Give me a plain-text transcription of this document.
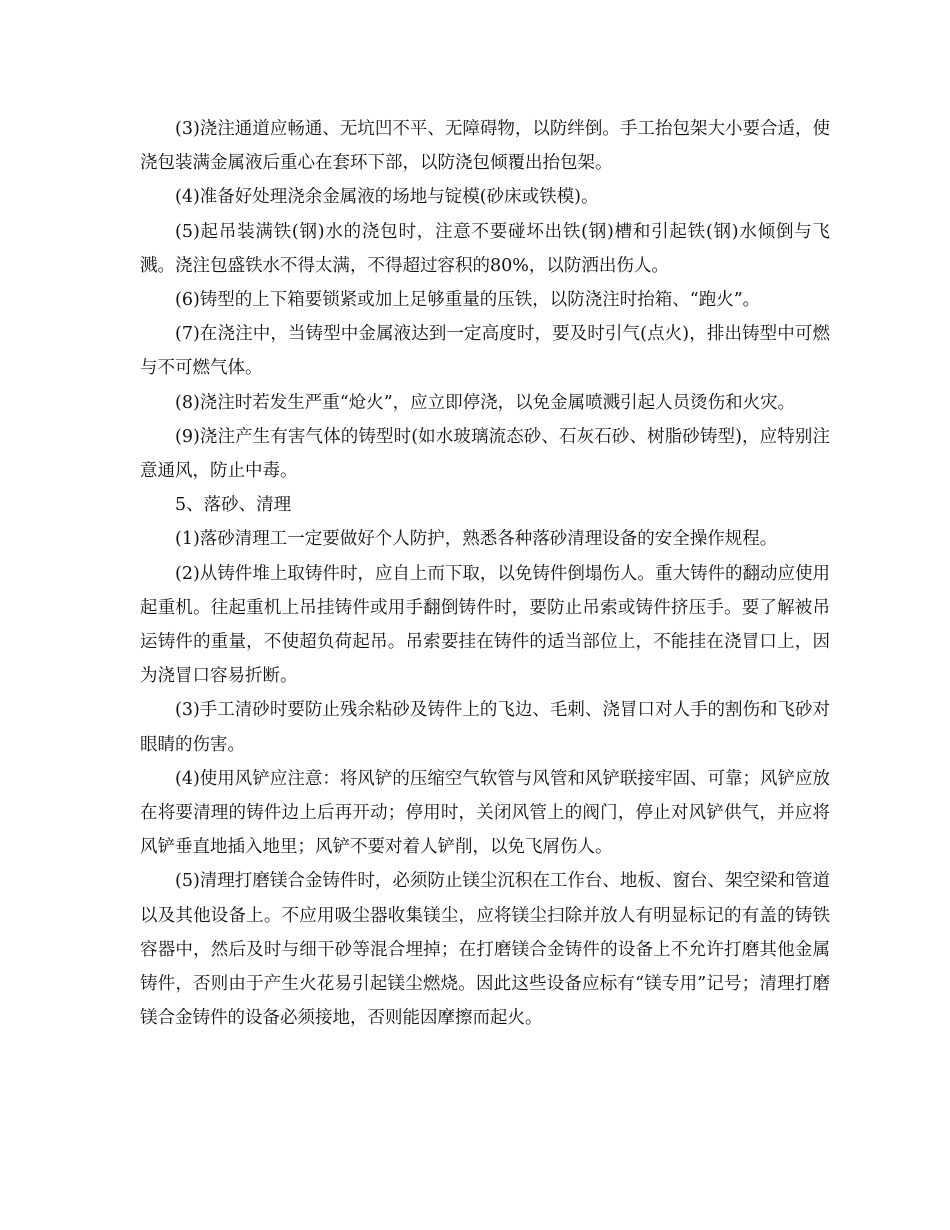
(3)浇注通道应畅通、无坑凹不平、无障碍物，以防绊倒。手工抬包架大小要合适，使浇包装满金属液后重心在套环下部，以防浇包倾覆出抬包架。

(4)准备好处理浇余金属液的场地与锭模(砂床或铁模)。

(5)起吊装满铁(钢)水的浇包时，注意不要碰坏出铁(钢)槽和引起铁(钢)水倾倒与飞溅。浇注包盛铁水不得太满，不得超过容积的80%，以防洒出伤人。

(6)铸型的上下箱要锁紧或加上足够重量的压铁，以防浇注时抬箱、“跑火”。

(7)在浇注中，当铸型中金属液达到一定高度时，要及时引气(点火)，排出铸型中可燃与不可燃气体。

(8)浇注时若发生严重“炝火”，应立即停浇，以免金属喷溅引起人员烫伤和火灾。

(9)浇注产生有害气体的铸型时(如水玻璃流态砂、石灰石砂、树脂砂铸型)，应特别注意通风，防止中毒。

5、落砂、清理

(1)落砂清理工一定要做好个人防护，熟悉各种落砂清理设备的安全操作规程。

(2)从铸件堆上取铸件时，应自上而下取，以免铸件倒塌伤人。重大铸件的翻动应使用起重机。往起重机上吊挂铸件或用手翻倒铸件时，要防止吊索或铸件挤压手。要了解被吊运铸件的重量，不使超负荷起吊。吊索要挂在铸件的适当部位上，不能挂在浇冒口上，因为浇冒口容易折断。

(3)手工清砂时要防止残余粘砂及铸件上的飞边、毛刺、浇冒口对人手的割伤和飞砂对眼睛的伤害。

(4)使用风铲应注意：将风铲的压缩空气软管与风管和风铲联接牢固、可靠；风铲应放在将要清理的铸件边上后再开动；停用时，关闭风管上的阀门，停止对风铲供气，并应将风铲垂直地插入地里；风铲不要对着人铲削，以免飞屑伤人。

(5)清理打磨镁合金铸件时，必须防止镁尘沉积在工作台、地板、窗台、架空梁和管道以及其他设备上。不应用吸尘器收集镁尘，应将镁尘扫除并放人有明显标记的有盖的铸铁容器中，然后及时与细干砂等混合埋掉；在打磨镁合金铸件的设备上不允许打磨其他金属铸件，否则由于产生火花易引起镁尘燃烧。因此这些设备应标有“镁专用”记号；清理打磨镁合金铸件的设备必须接地，否则能因摩擦而起火。
